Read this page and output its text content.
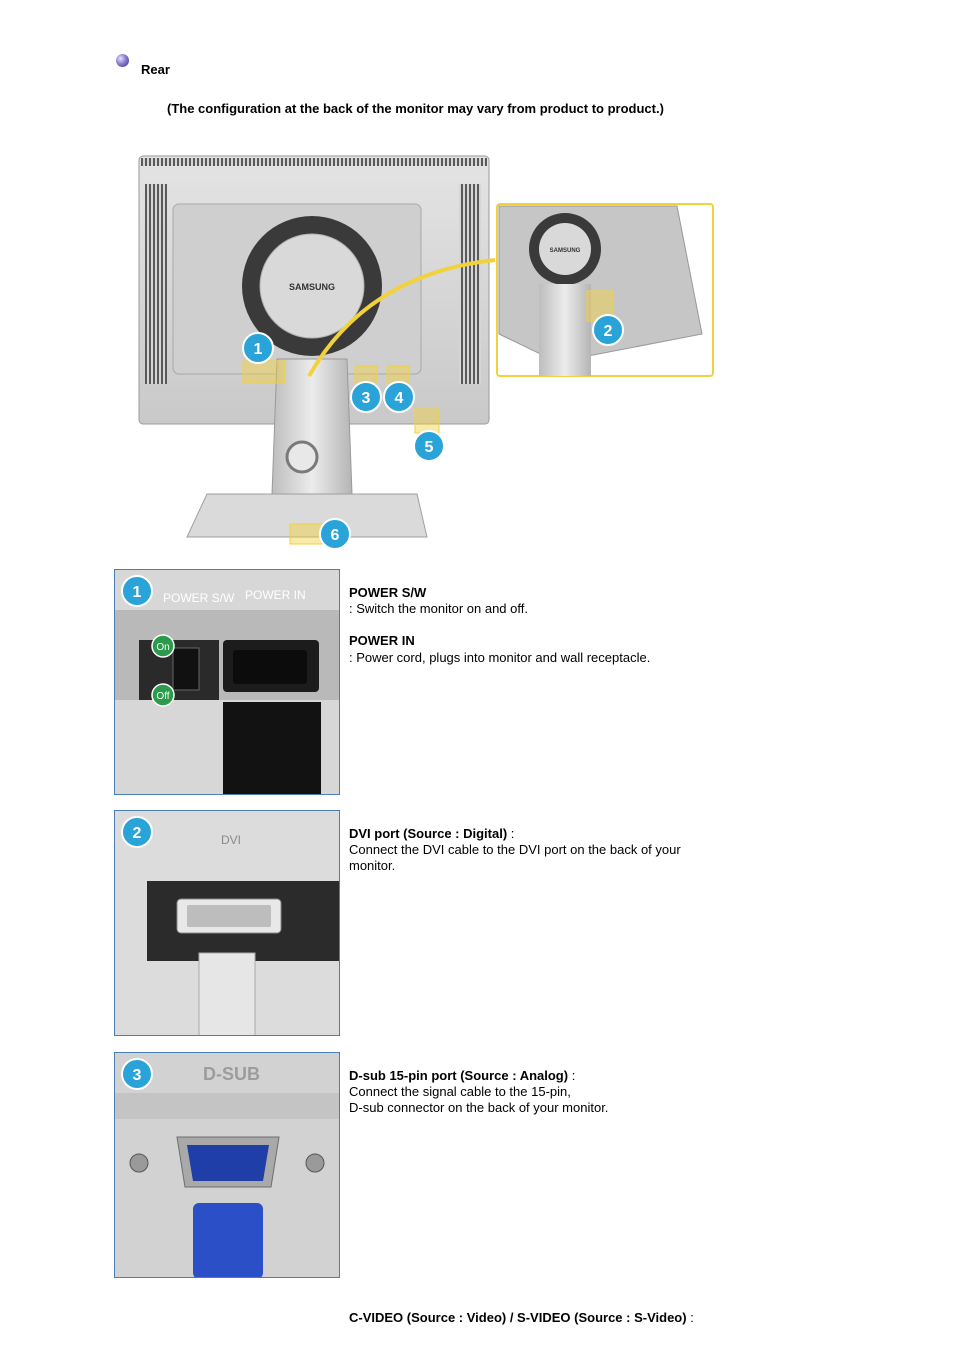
Rear
(The configuration at the back of the monitor may vary from product to product.)
SAMSUNG
SAMSUNG
1
2
3 4
5
6
1 POWER S/W POWER IN
On
Off
POWER S/W
: Switch the monitor on and off.
POWER IN
: Power cord, plugs into monitor and wall receptacle.
2	DVI	DVI port (Source : Digital) :
Connect the DVI cable to the DVI port on the back of your
monitor.
3	D-SUB	D-sub 15-pin port (Source : Analog) :
Connect the signal cable to the 15-pin,
D-sub connector on the back of your monitor.
C-VIDEO (Source : Video) / S-VIDEO (Source : S-Video) :
